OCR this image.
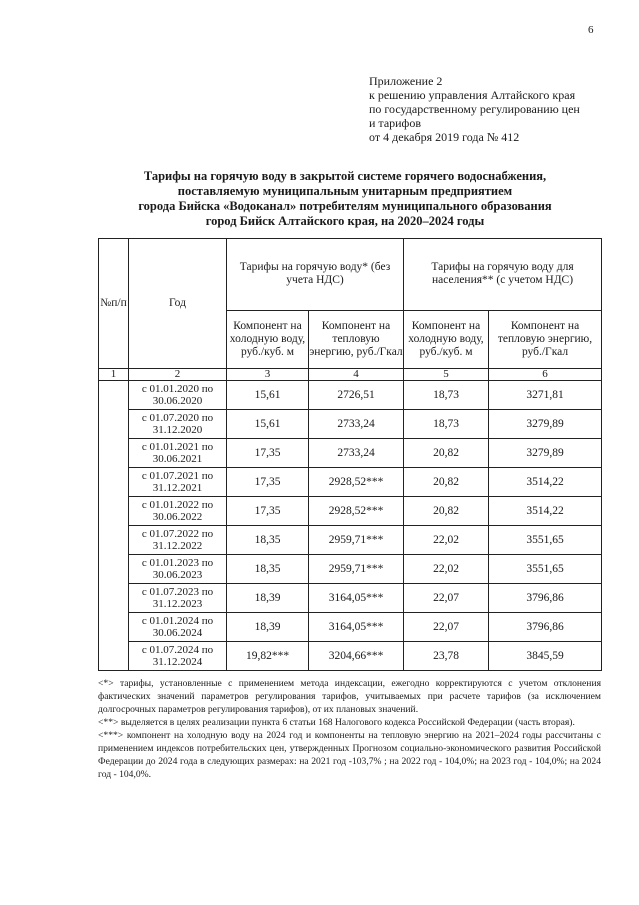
6
Приложение 2
к решению управления Алтайского края
по государственному регулированию цен
и тарифов
от 4 декабря 2019 года № 412
Тарифы на горячую воду в закрытой системе горячего водоснабжения,
поставляемую муниципальным унитарным предприятием
города Бийска «Водоканал» потребителям муниципального образования
город Бийск Алтайского края, на 2020–2024 годы
№п/п	Год	Тарифы на горячую воду* (без учета НДС)		Тарифы на горячую воду для населения** (с учетом НДС)	
		Компонент на холодную воду, руб./куб. м	Компонент на тепловую энергию, руб./Гкал	Компонент на холодную воду, руб./куб. м	Компонент на тепловую энергию, руб./Гкал
1	2	3	4	5	6
	с 01.01.2020 по 30.06.2020	15,61	2726,51	18,73	3271,81
	с 01.07.2020 по 31.12.2020	15,61	2733,24	18,73	3279,89
	с 01.01.2021 по 30.06.2021	17,35	2733,24	20,82	3279,89
	с 01.07.2021 по 31.12.2021	17,35	2928,52***	20,82	3514,22
	с 01.01.2022 по 30.06.2022	17,35	2928,52***	20,82	3514,22
	с 01.07.2022 по 31.12.2022	18,35	2959,71***	22,02	3551,65
	с 01.01.2023 по 30.06.2023	18,35	2959,71***	22,02	3551,65
	с 01.07.2023 по 31.12.2023	18,39	3164,05***	22,07	3796,86
	с 01.01.2024 по 30.06.2024	18,39	3164,05***	22,07	3796,86
	с 01.07.2024 по 31.12.2024	19,82***	3204,66***	23,78	3845,59

<*> тарифы, установленные с применением метода индексации, ежегодно корректируются с учетом отклонения фактических значений параметров регулирования тарифов, учитываемых при расчете тарифов (за исключением долгосрочных параметров регулирования тарифов), от их плановых значений.

<**> выделяется в целях реализации пункта 6 статьи 168 Налогового кодекса Российской Федерации (часть вторая).

<***> компонент на холодную воду на 2024 год и компоненты на тепловую энергию на 2021–2024 годы рассчитаны с применением индексов потребительских цен, утвержденных Прогнозом социально-экономического развития Российской Федерации до 2024 года в следующих размерах: на 2021 год -103,7% ; на 2022 год - 104,0%; на 2023 год - 104,0%; на 2024 год - 104,0%.
